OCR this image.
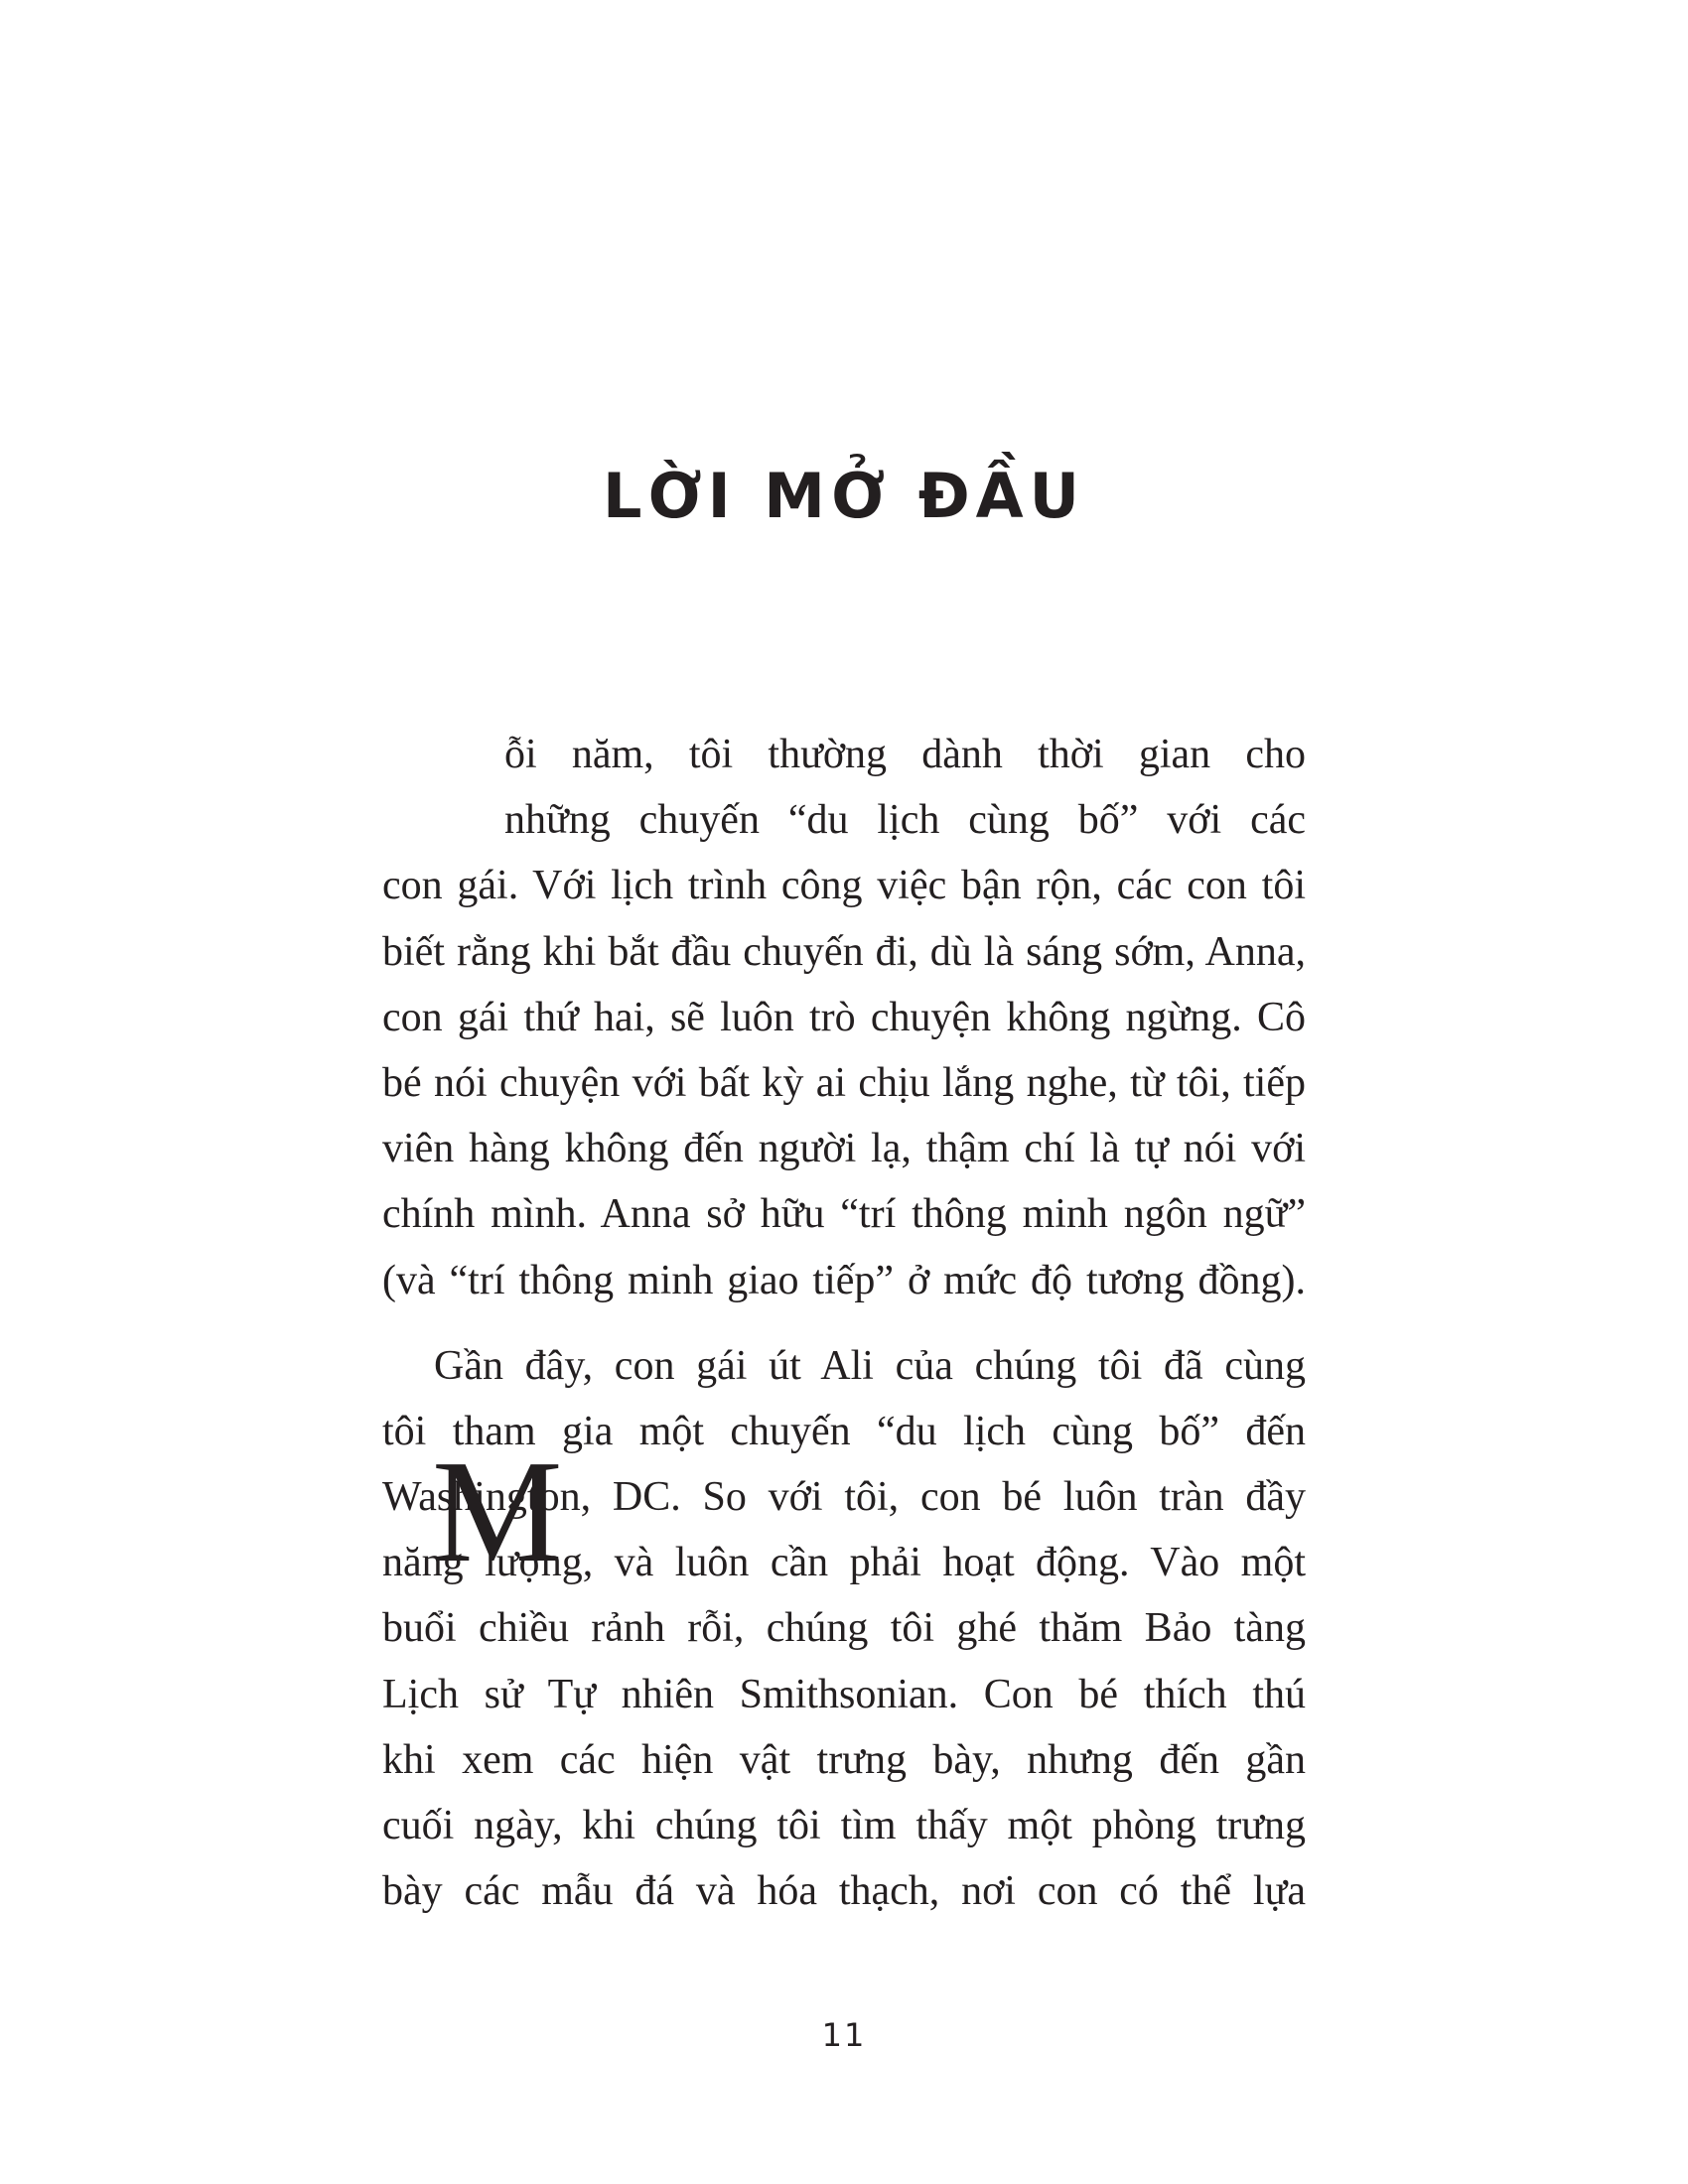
LỜI MỞ ĐẦU
M
ỗi năm, tôi thường dành thời gian cho
những chuyến “du lịch cùng bố” với các
con gái. Với lịch trình công việc bận rộn, các con tôi
biết rằng khi bắt đầu chuyến đi, dù là sáng sớm, Anna,
con gái thứ hai, sẽ luôn trò chuyện không ngừng. Cô
bé nói chuyện với bất kỳ ai chịu lắng nghe, từ tôi, tiếp
viên hàng không đến người lạ, thậm chí là tự nói với
chính mình. Anna sở hữu “trí thông minh ngôn ngữ”
(và “trí thông minh giao tiếp” ở mức độ tương đồng).
Gần đây, con gái út Ali của chúng tôi đã cùng
tôi tham gia một chuyến “du lịch cùng bố” đến
Washington, DC. So với tôi, con bé luôn tràn đầy
năng lượng, và luôn cần phải hoạt động. Vào một
buổi chiều rảnh rỗi, chúng tôi ghé thăm Bảo tàng
Lịch sử Tự nhiên Smithsonian. Con bé thích thú
khi xem các hiện vật trưng bày, nhưng đến gần
cuối ngày, khi chúng tôi tìm thấy một phòng trưng
bày các mẫu đá và hóa thạch, nơi con có thể lựa
11
